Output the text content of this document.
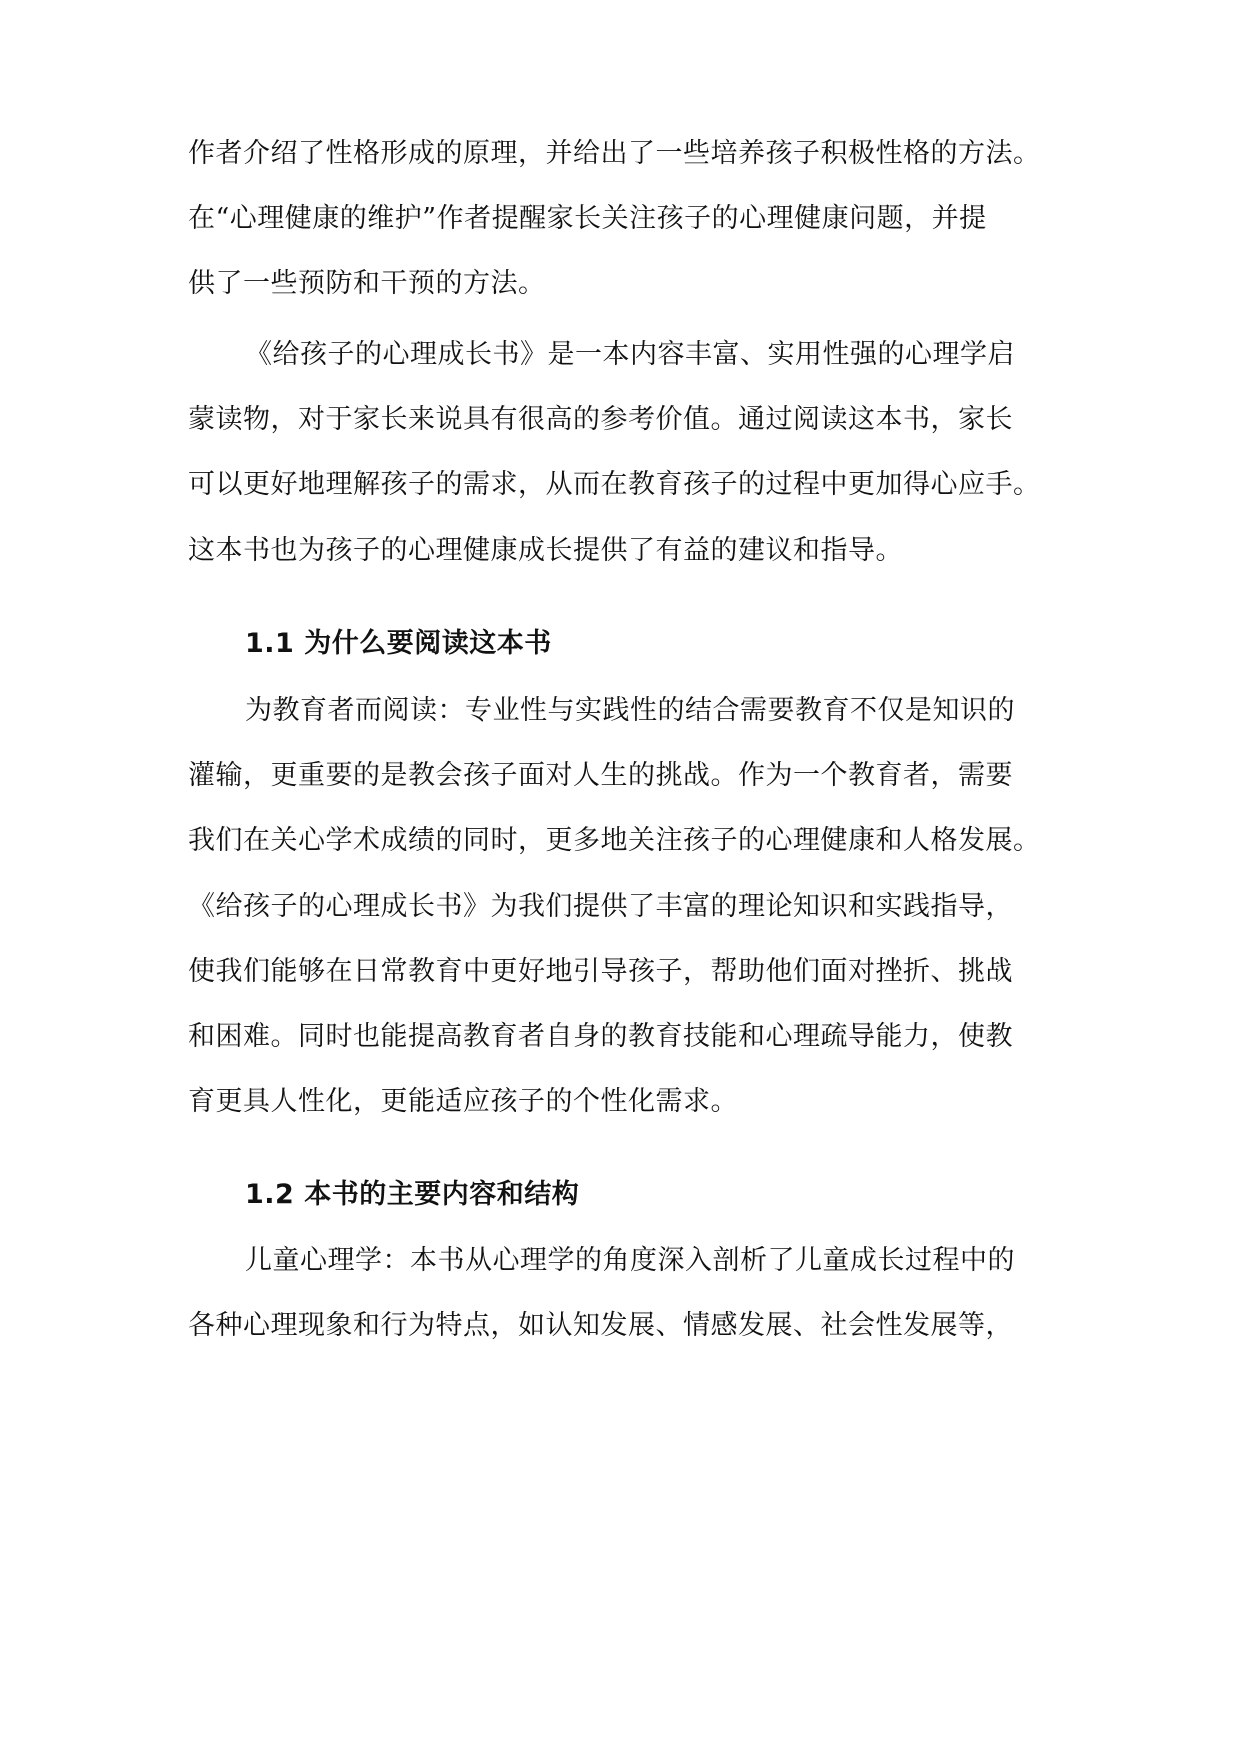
作者介绍了性格形成的原理，并给出了一些培养孩子积极性格的方法。
在“心理健康的维护”作者提醒家长关注孩子的心理健康问题，并提
供了一些预防和干预的方法。
《给孩子的心理成长书》是一本内容丰富、实用性强的心理学启
蒙读物，对于家长来说具有很高的参考价值。通过阅读这本书，家长
可以更好地理解孩子的需求，从而在教育孩子的过程中更加得心应手。
这本书也为孩子的心理健康成长提供了有益的建议和指导。
1.1 为什么要阅读这本书
为教育者而阅读：专业性与实践性的结合需要教育不仅是知识的
灌输，更重要的是教会孩子面对人生的挑战。作为一个教育者，需要
我们在关心学术成绩的同时，更多地关注孩子的心理健康和人格发展。
《给孩子的心理成长书》为我们提供了丰富的理论知识和实践指导，
使我们能够在日常教育中更好地引导孩子，帮助他们面对挫折、挑战
和困难。同时也能提高教育者自身的教育技能和心理疏导能力，使教
育更具人性化，更能适应孩子的个性化需求。
1.2 本书的主要内容和结构
儿童心理学：本书从心理学的角度深入剖析了儿童成长过程中的
各种心理现象和行为特点，如认知发展、情感发展、社会性发展等，
